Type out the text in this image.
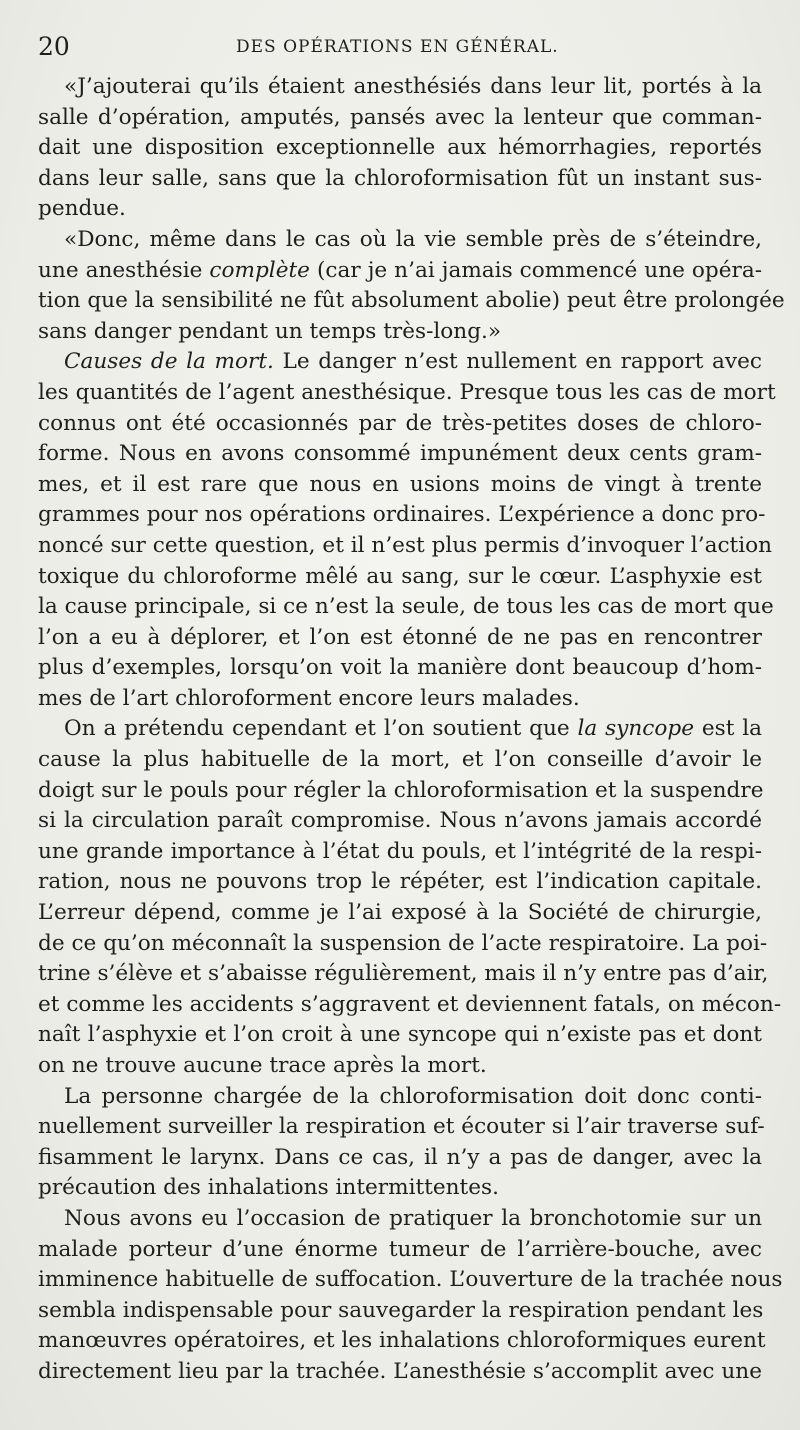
20	DES OPÉRATIONS EN GÉNÉRAL.
«J’ajouterai qu’ils étaient anesthésiés dans leur lit, portés à la
salle d’opération, amputés, pansés avec la lenteur que comman-
dait une disposition exceptionnelle aux hémorrhagies, reportés
dans leur salle, sans que la chloroformisation fût un instant sus-
pendue.
«Donc, même dans le cas où la vie semble près de s’éteindre,
une anesthésie complète (car je n’ai jamais commencé une opéra-
tion que la sensibilité ne fût absolument abolie) peut être prolongée
sans danger pendant un temps très-long.»
Causes de la mort. Le danger n’est nullement en rapport avec
les quantités de l’agent anesthésique. Presque tous les cas de mort
connus ont été occasionnés par de très-petites doses de chloro-
forme. Nous en avons consommé impunément deux cents gram-
mes, et il est rare que nous en usions moins de vingt à trente
grammes pour nos opérations ordinaires. L’expérience a donc pro-
noncé sur cette question, et il n’est plus permis d’invoquer l’action
toxique du chloroforme mêlé au sang, sur le cœur. L’asphyxie est
la cause principale, si ce n’est la seule, de tous les cas de mort que
l’on a eu à déplorer, et l’on est étonné de ne pas en rencontrer
plus d’exemples, lorsqu’on voit la manière dont beaucoup d’hom-
mes de l’art chloroforment encore leurs malades.
On a prétendu cependant et l’on soutient que la syncope est la
cause la plus habituelle de la mort, et l’on conseille d’avoir le
doigt sur le pouls pour régler la chloroformisation et la suspendre
si la circulation paraît compromise. Nous n’avons jamais accordé
une grande importance à l’état du pouls, et l’intégrité de la respi-
ration, nous ne pouvons trop le répéter, est l’indication capitale.
L’erreur dépend, comme je l’ai exposé à la Société de chirurgie,
de ce qu’on méconnaît la suspension de l’acte respiratoire. La poi-
trine s’élève et s’abaisse régulièrement, mais il n’y entre pas d’air,
et comme les accidents s’aggravent et deviennent fatals, on mécon-
naît l’asphyxie et l’on croit à une syncope qui n’existe pas et dont
on ne trouve aucune trace après la mort.
La personne chargée de la chloroformisation doit donc conti-
nuellement surveiller la respiration et écouter si l’air traverse suf-
fisamment le larynx. Dans ce cas, il n’y a pas de danger, avec la
précaution des inhalations intermittentes.
Nous avons eu l’occasion de pratiquer la bronchotomie sur un
malade porteur d’une énorme tumeur de l’arrière-bouche, avec
imminence habituelle de suffocation. L’ouverture de la trachée nous
sembla indispensable pour sauvegarder la respiration pendant les
manœuvres opératoires, et les inhalations chloroformiques eurent
directement lieu par la trachée. L’anesthésie s’accomplit avec une
